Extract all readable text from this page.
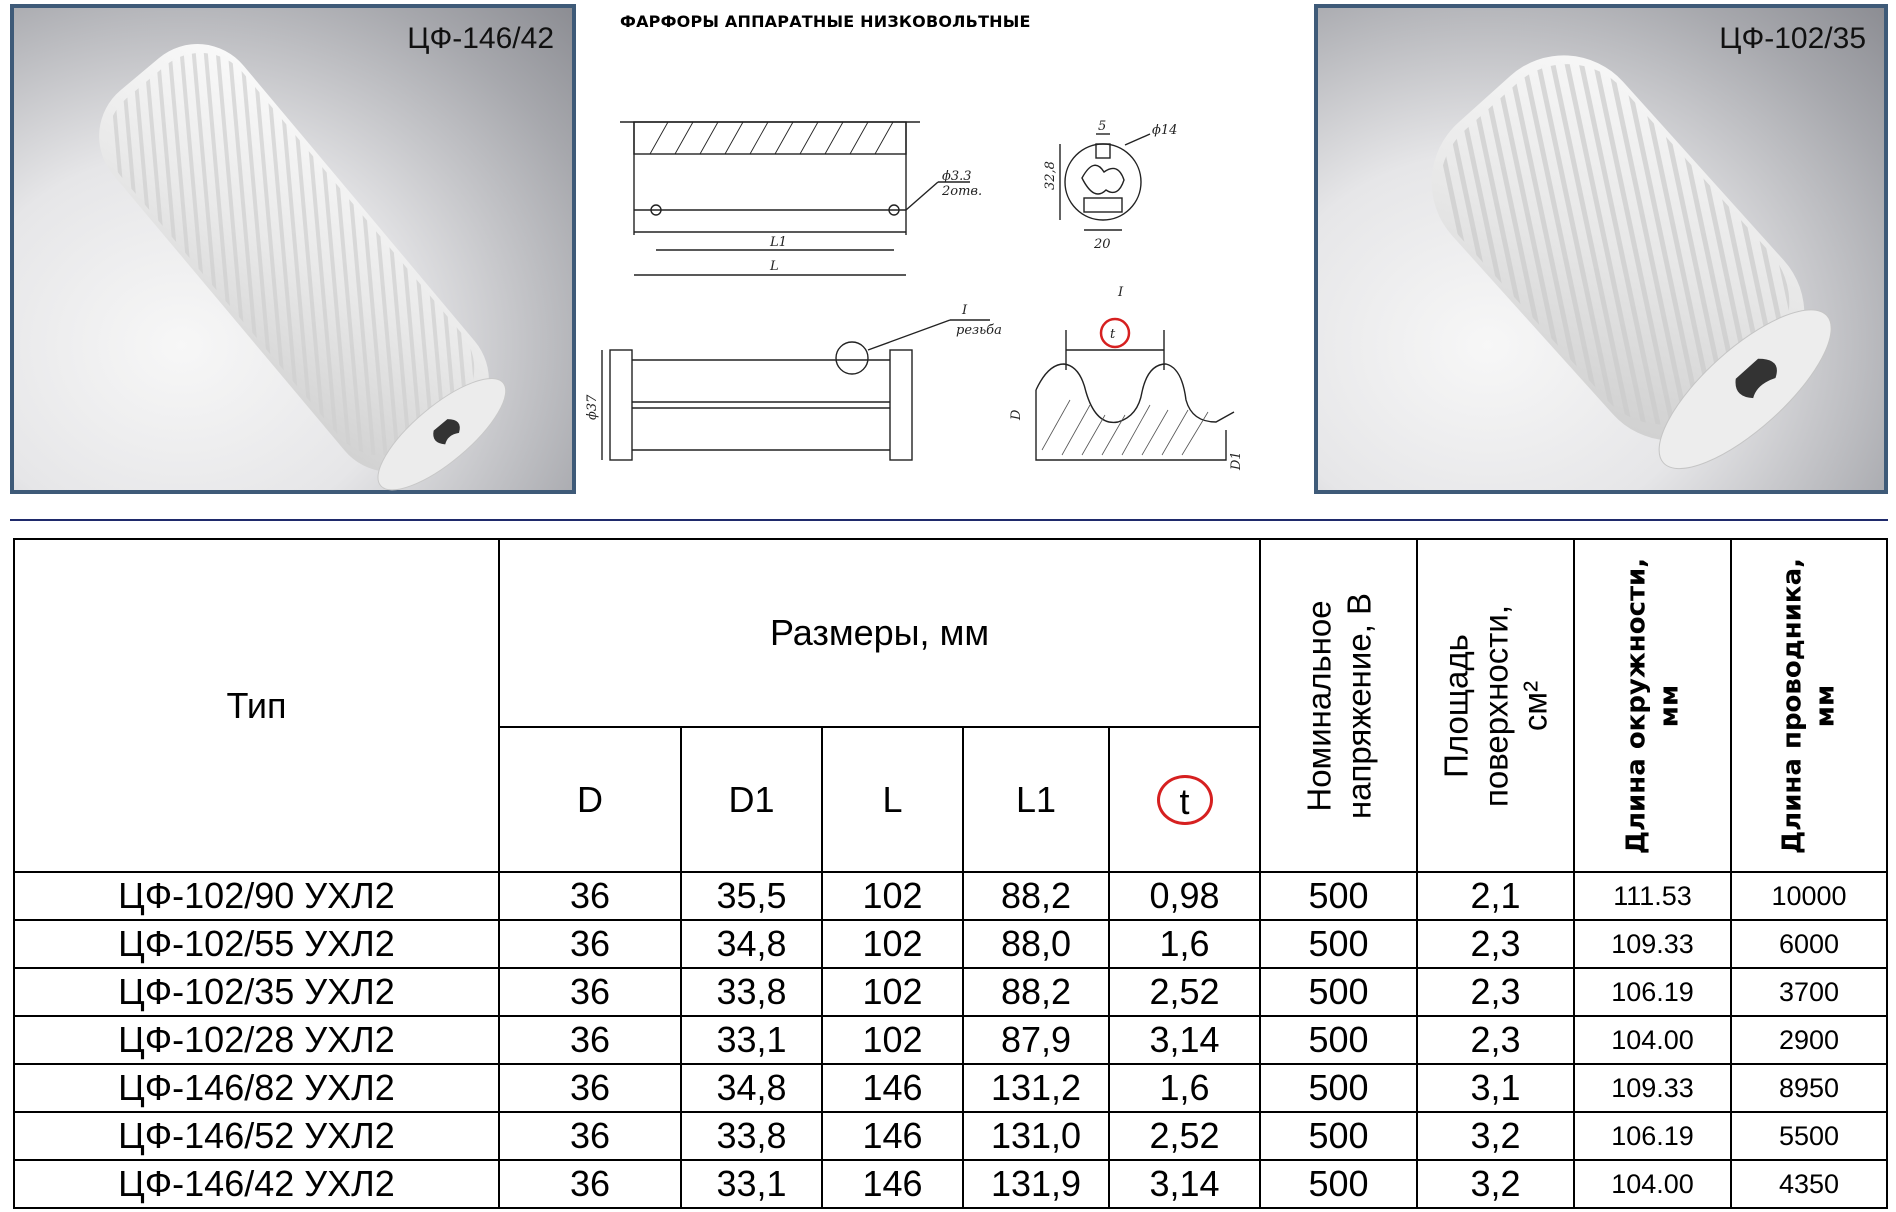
ЦФ-146/42
ФАРФОРЫ АППАРАТНЫЕ НИЗКОВОЛЬТНЫЕ
ϕ3.3
2отв.
L1
L
I
резьба
ϕ37
5	ϕ14
32,8
20
I
t
D
D1
ЦФ-102/35
Тип	Размеры, мм					Номинальное напряжение, В	Площадь поверхности, см²	Длина окружности, мм	Длина проводника, мм

	D	D1	L	L1	t				
ЦФ-102/90 УХЛ2	36	35,5	102	88,2	0,98	500	2,1	111.53	10000
ЦФ-102/55 УХЛ2	36	34,8	102	88,0	1,6	500	2,3	109.33	6000
ЦФ-102/35 УХЛ2	36	33,8	102	88,2	2,52	500	2,3	106.19	3700
ЦФ-102/28 УХЛ2	36	33,1	102	87,9	3,14	500	2,3	104.00	2900
ЦФ-146/82 УХЛ2	36	34,8	146	131,2	1,6	500	3,1	109.33	8950
ЦФ-146/52 УХЛ2	36	33,8	146	131,0	2,52	500	3,2	106.19	5500
ЦФ-146/42 УХЛ2	36	33,1	146	131,9	3,14	500	3,2	104.00	4350
